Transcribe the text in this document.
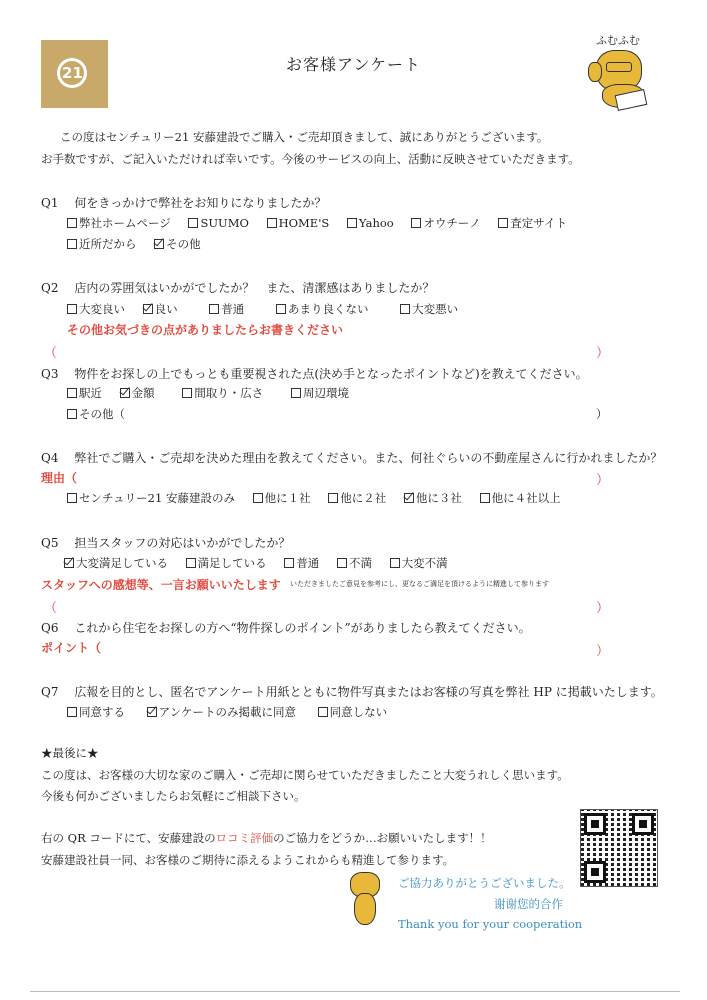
21	お客様アンケート
ふむふむ
この度はセンチュリー21 安藤建設でご購入・ご売却頂きまして、誠にありがとうございます。
お手数ですが、ご記入いただければ幸いです。今後のサービスの向上、活動に反映させていただきます。
Q1　 何をきっかけで弊社をお知りになりましたか？
弊社ホームページ	SUUMO	HOME'S	Yahoo	オウチーノ	査定サイト
近所だから	その他
Q2　 店内の雰囲気はいかがでしたか？　また、清潔感はありましたか？
大変良い	良い	普通	あまり良くない	大変悪い
その他お気づきの点がありましたらお書きください
（	）
Q3　 物件をお探しの上でもっとも重要視された点(決め手となったポイントなど)を教えてください。
駅近	金額	間取り・広さ	周辺環境
その他（	）
Q4　 弊社でご購入・ご売却を決めた理由を教えてください。また、何社ぐらいの不動産屋さんに行かれましたか？
理由（	）
センチュリー21 安藤建設のみ	他に１社	他に２社	他に３社	他に４社以上
Q5　 担当スタッフの対応はいかがでしたか？
大変満足している	満足している	普通	不満	大変不満
スタッフへの感想等、一言お願いいたします いただきましたご意見を参考にし、更なるご満足を頂けるように精進して参ります
（	）
Q6　 これから住宅をお探しの方へ“物件探しのポイント”がありましたら教えてください。
ポイント（	）
Q7　 広報を目的とし、匿名でアンケート用紙とともに物件写真またはお客様の写真を弊社 HP に掲載いたします。
同意する	アンケートのみ掲載に同意	同意しない
★最後に★
この度は、お客様の大切な家のご購入・ご売却に関らせていただきましたこと大変うれしく思います。
今後も何かございましたらお気軽にご相談下さい。
右の QR コードにて、安藤建設のロコミ評価のご協力をどうか…お願いいたします！！
安藤建設社員一同、お客様のご期待に添えるようこれからも精進して参ります。
ご協力ありがとうございました。
谢谢您的合作
Thank you for your cooperation
